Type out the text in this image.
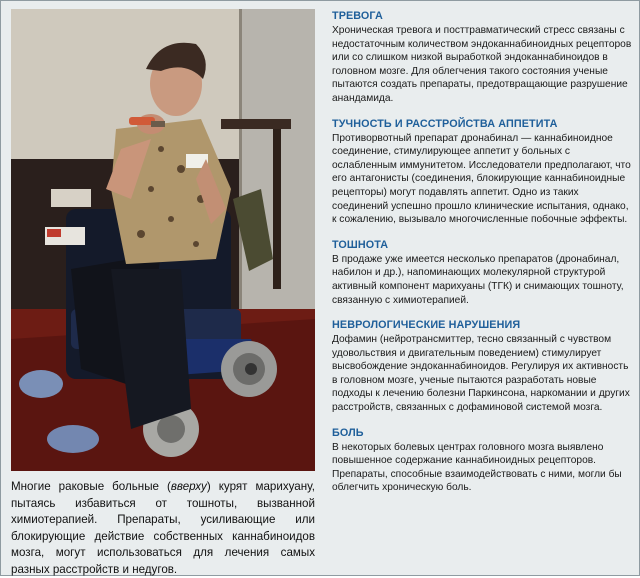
Многие раковые больные (вверху) курят марихуану, пытаясь избавиться от тошноты, вызванной химиотерапией. Препараты, усиливающие или блокирующие действие собственных каннабиноидов мозга, могут использоваться для лечения самых разных расстройств и недугов.
ТРЕВОГА

Хроническая тревога и посттравматический стресс связаны с недостаточным количеством эндоканнабиноидных рецепторов или со слишком низкой выработкой эндоканнабиноидов в головном мозге. Для облегчения такого состояния ученые пытаются создать препараты, предотвращающие разрушение анандамида.

ТУЧНОСТЬ И РАССТРОЙСТВА АППЕТИТА

Противорвотный препарат дронабинал — каннабиноидное соединение, стимулирующее аппетит у больных с ослабленным иммунитетом. Исследователи предполагают, что его антагонисты (соединения, блокирующие каннабиноидные рецепторы) могут подавлять аппетит. Одно из таких соединений успешно прошло клинические испытания, однако, к сожалению, вызывало многочисленные побочные эффекты.

ТОШНОТА

В продаже уже имеется несколько препаратов (дронабинал, набилон и др.), напоминающих молекулярной структурой активный компонент марихуаны (ТГК) и снимающих тошноту, связанную с химиотерапией.

НЕВРОЛОГИЧЕСКИЕ НАРУШЕНИЯ

Дофамин (нейротрансмиттер, тесно связанный с чувством удовольствия и двигательным поведением) стимулирует высвобождение эндоканнабиноидов. Регулируя их активность в головном мозге, ученые пытаются разработать новые подходы к лечению болезни Паркинсона, наркомании и других расстройств, связанных с дофаминовой системой мозга.

БОЛЬ

В некоторых болевых центрах головного мозга выявлено повышенное содержание каннабиноидных рецепторов. Препараты, способные взаимодействовать с ними, могли бы облегчить хроническую боль.
